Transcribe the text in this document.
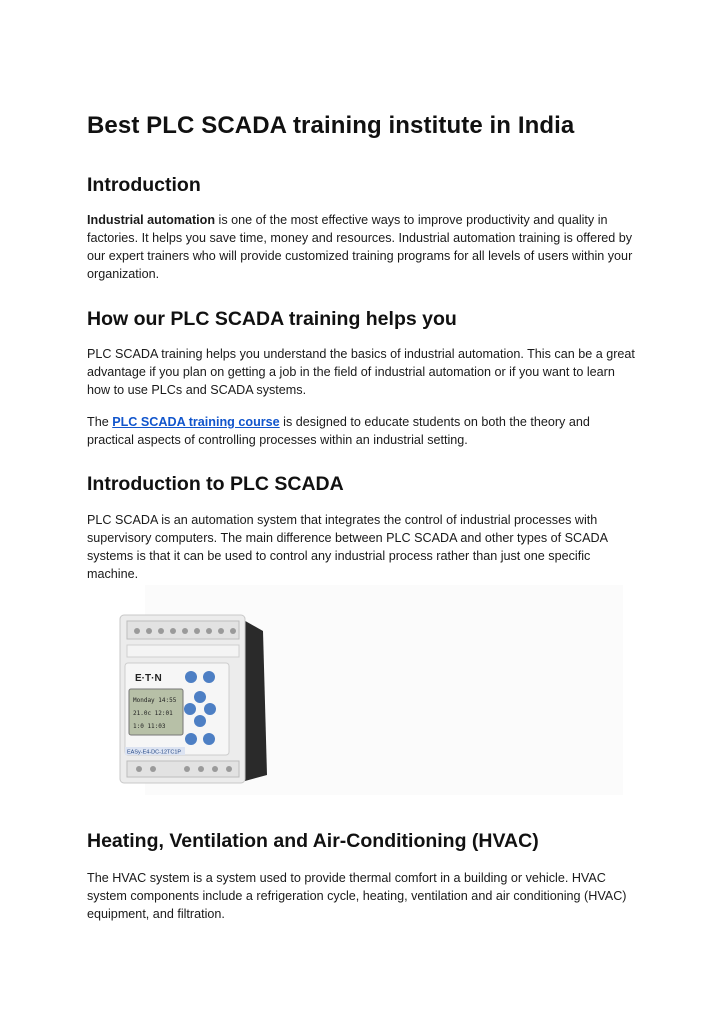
Best PLC SCADA training institute in India
Introduction

Industrial automation is one of the most effective ways to improve productivity and quality in factories. It helps you save time, money and resources. Industrial automation training is offered by our expert trainers who will provide customized training programs for all levels of users within your organization.

How our PLC SCADA training helps you

PLC SCADA training helps you understand the basics of industrial automation. This can be a great advantage if you plan on getting a job in the field of industrial automation or if you want to learn how to use PLCs and SCADA systems.

The PLC SCADA training course is designed to educate students on both the theory and practical aspects of controlling processes within an industrial setting.

Introduction to PLC SCADA

PLC SCADA is an automation system that integrates the control of industrial processes with supervisory computers. The main difference between PLC SCADA and other types of SCADA systems is that it can be used to control any industrial process rather than just one specific machine.

E·T·N
Monday 14:55
21.0c 12:01
1:0 11:03
EASy-E4-DC-12TC1P
Heating, Ventilation and Air-Conditioning (HVAC)

The HVAC system is a system used to provide thermal comfort in a building or vehicle. HVAC system components include a refrigeration cycle, heating, ventilation and air conditioning (HVAC) equipment, and filtration.
